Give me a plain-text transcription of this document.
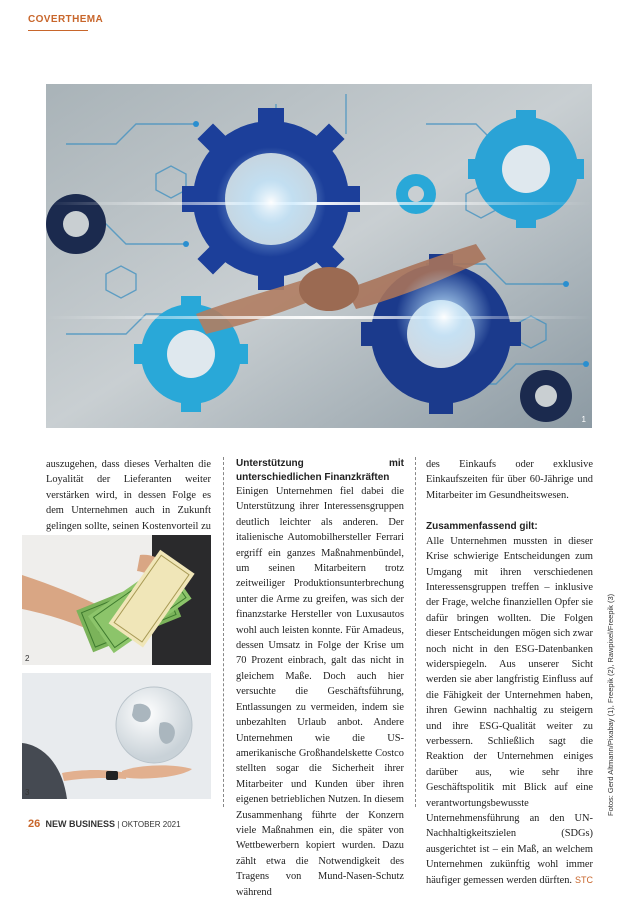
COVERTHEMA
1

auszugehen, dass dieses Verhalten die Loyalität der Lieferanten weiter verstärken wird, in dessen Folge es dem Unternehmen auch in Zukunft gelingen sollte, seinen Kostenvorteil zu

2
3
Unterstützung mit unterschiedlichen Finanzkräften

Einigen Unternehmen fiel dabei die Unterstützung ihrer Interessensgruppen deutlich leichter als anderen. Der italienische Automobilhersteller Ferrari ergriff ein ganzes Maßnahmenbündel, um seinen Mitarbeitern trotz zeitweiliger Produktionsunterbrechung unter die Arme zu greifen, was sich der finanzstarke Hersteller von Luxusautos wohl auch leisten konnte. Für Amadeus, dessen Umsatz in Folge der Krise um 70 Prozent einbrach, galt das nicht in gleichem Maße. Doch auch hier versuchte die Geschäftsführung, Entlassungen zu vermeiden, indem sie unbezahlten Urlaub anbot. Andere Unternehmen wie die US-amerikanische Großhandelskette Costco stellten sogar die Sicherheit ihrer Mitarbeiter und Kunden über ihren eigenen betrieblichen Nutzen. In diesem Zusammenhang führte der Konzern viele Maßnahmen ein, die später von Wettbewerbern kopiert wurden. Dazu zählt etwa die Notwendigkeit des Tragens von Mund-Nasen-Schutz während

des Einkaufs oder exklusive Einkaufszeiten für über 60-Jährige und Mitarbeiter im Gesundheitswesen.

Zusammenfassend gilt:

Alle Unternehmen mussten in dieser Krise schwierige Entscheidungen zum Umgang mit ihren verschiedenen Interessensgruppen treffen – inklusive der Frage, welche finanziellen Opfer sie dafür bringen wollten. Die Folgen dieser Entscheidungen mögen sich zwar noch nicht in den ESG-Datenbanken widerspiegeln. Aus unserer Sicht werden sie aber langfristig Einfluss auf die Fähigkeit der Unternehmen haben, ihren Gewinn nachhaltig zu steigern und ihre ESG-Qualität weiter zu verbessern. Schließlich sagt die Reaktion der Unternehmen einiges darüber aus, wie sehr ihre Geschäftspolitik mit Blick auf eine verantwortungsbewusste Unternehmensführung an den UN-Nachhaltigkeitszielen (SDGs) ausgerichtet ist – ein Maß, an welchem Unternehmen zukünftig wohl immer häufiger gemessen werden dürften. STC

Fotos: Gerd Altmann/Pixabay (1), Freepik (2), Rawpixel/Freepik (3)
26 NEW BUSINESS | OKTOBER 2021
